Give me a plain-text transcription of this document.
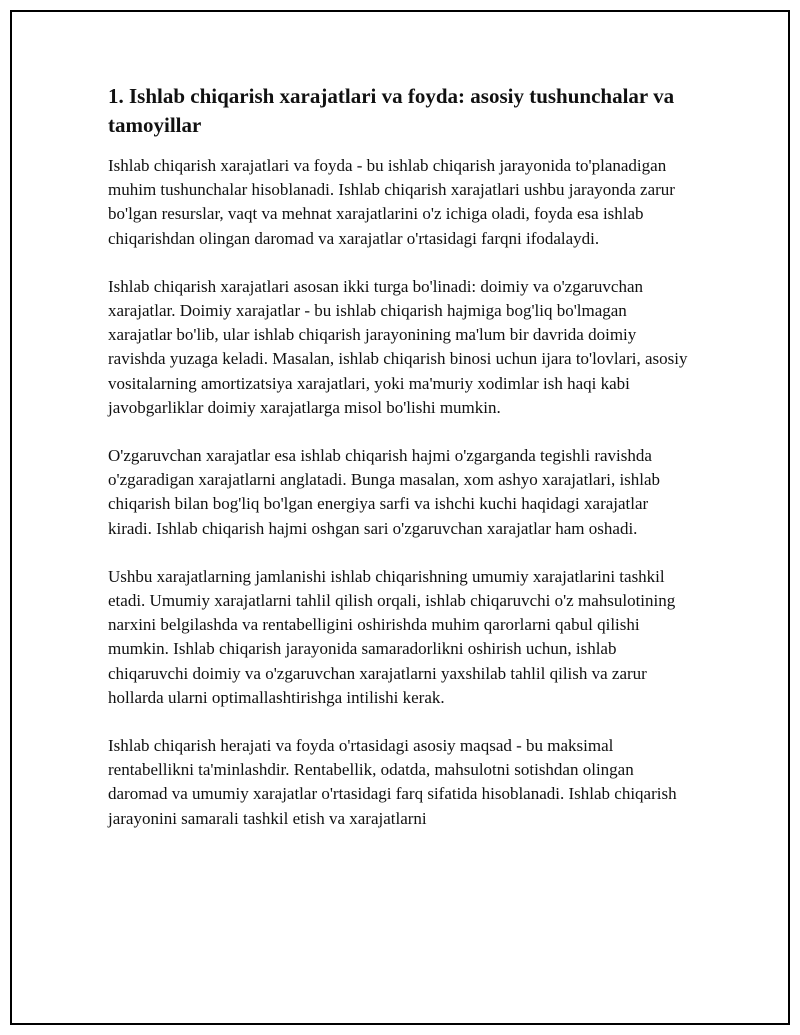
1. Ishlab chiqarish xarajatlari va foyda: asosiy tushunchalar va tamoyillar

Ishlab chiqarish xarajatlari va foyda - bu ishlab chiqarish jarayonida to'planadigan muhim tushunchalar hisoblanadi. Ishlab chiqarish xarajatlari ushbu jarayonda zarur bo'lgan resurslar, vaqt va mehnat xarajatlarini o'z ichiga oladi, foyda esa ishlab chiqarishdan olingan daromad va xarajatlar o'rtasidagi farqni ifodalaydi.

Ishlab chiqarish xarajatlari asosan ikki turga bo'linadi: doimiy va o'zgaruvchan xarajatlar. Doimiy xarajatlar - bu ishlab chiqarish hajmiga bog'liq bo'lmagan xarajatlar bo'lib, ular ishlab chiqarish jarayonining ma'lum bir davrida doimiy ravishda yuzaga keladi. Masalan, ishlab chiqarish binosi uchun ijara to'lovlari, asosiy vositalarning amortizatsiya xarajatlari, yoki ma'muriy xodimlar ish haqi kabi javobgarliklar doimiy xarajatlarga misol bo'lishi mumkin.

O'zgaruvchan xarajatlar esa ishlab chiqarish hajmi o'zgarganda tegishli ravishda o'zgaradigan xarajatlarni anglatadi. Bunga masalan, xom ashyo xarajatlari, ishlab chiqarish bilan bog'liq bo'lgan energiya sarfi va ishchi kuchi haqidagi xarajatlar kiradi. Ishlab chiqarish hajmi oshgan sari o'zgaruvchan xarajatlar ham oshadi.

Ushbu xarajatlarning jamlanishi ishlab chiqarishning umumiy xarajatlarini tashkil etadi. Umumiy xarajatlarni tahlil qilish orqali, ishlab chiqaruvchi o'z mahsulotining narxini belgilashda va rentabelligini oshirishda muhim qarorlarni qabul qilishi mumkin. Ishlab chiqarish jarayonida samaradorlikni oshirish uchun, ishlab chiqaruvchi doimiy va o'zgaruvchan xarajatlarni yaxshilab tahlil qilish va zarur hollarda ularni optimallashtirishga intilishi kerak.

Ishlab chiqarish herajati va foyda o'rtasidagi asosiy maqsad - bu maksimal rentabellikni ta'minlashdir. Rentabellik, odatda, mahsulotni sotishdan olingan daromad va umumiy xarajatlar o'rtasidagi farq sifatida hisoblanadi. Ishlab chiqarish jarayonini samarali tashkil etish va xarajatlarni
